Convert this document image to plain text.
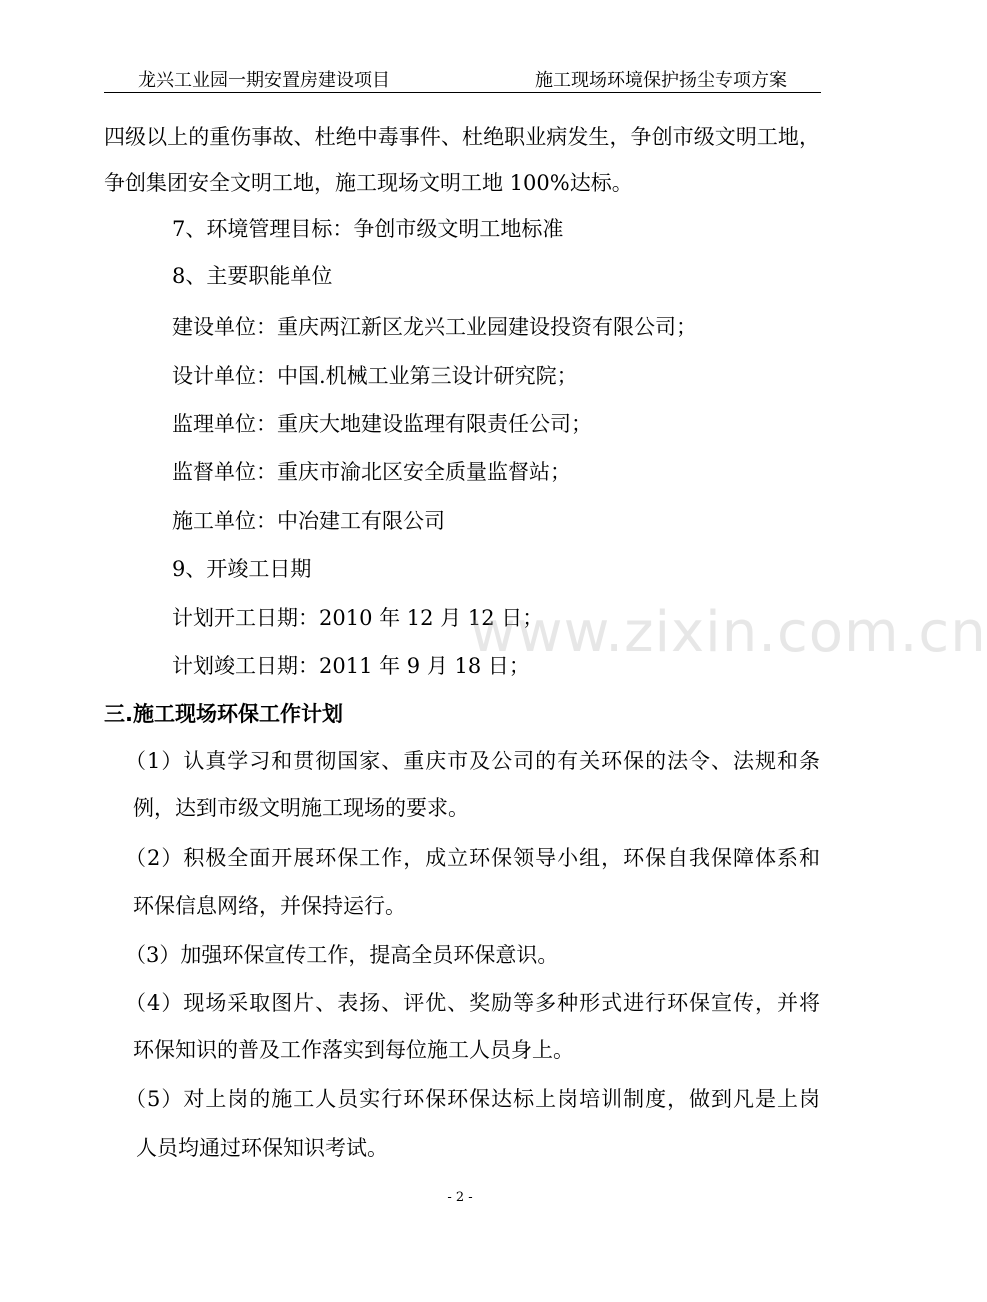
龙兴工业园一期安置房建设项目	施工现场环境保护扬尘专项方案
四级以上的重伤事故、杜绝中毒事件、杜绝职业病发生，争创市级文明工地，
争创集团安全文明工地，施工现场文明工地 100%达标。
7、环境管理目标：争创市级文明工地标准
8、主要职能单位
建设单位：重庆两江新区龙兴工业园建设投资有限公司；
设计单位：中国.机械工业第三设计研究院；
监理单位：重庆大地建设监理有限责任公司；
监督单位：重庆市渝北区安全质量监督站；
施工单位：中冶建工有限公司
9、开竣工日期
计划开工日期：2010 年 12 月 12 日；
计划竣工日期：2011 年 9 月 18 日；
三.施工现场环保工作计划
（1）认真学习和贯彻国家、重庆市及公司的有关环保的法令、法规和条
例，达到市级文明施工现场的要求。
（2）积极全面开展环保工作，成立环保领导小组，环保自我保障体系和
环保信息网络，并保持运行。
（3）加强环保宣传工作，提高全员环保意识。
（4）现场采取图片、表扬、评优、奖励等多种形式进行环保宣传，并将
环保知识的普及工作落实到每位施工人员身上。
（5）对上岗的施工人员实行环保环保达标上岗培训制度，做到凡是上岗
人员均通过环保知识考试。
www.zixin.com.cn
- 2 -
